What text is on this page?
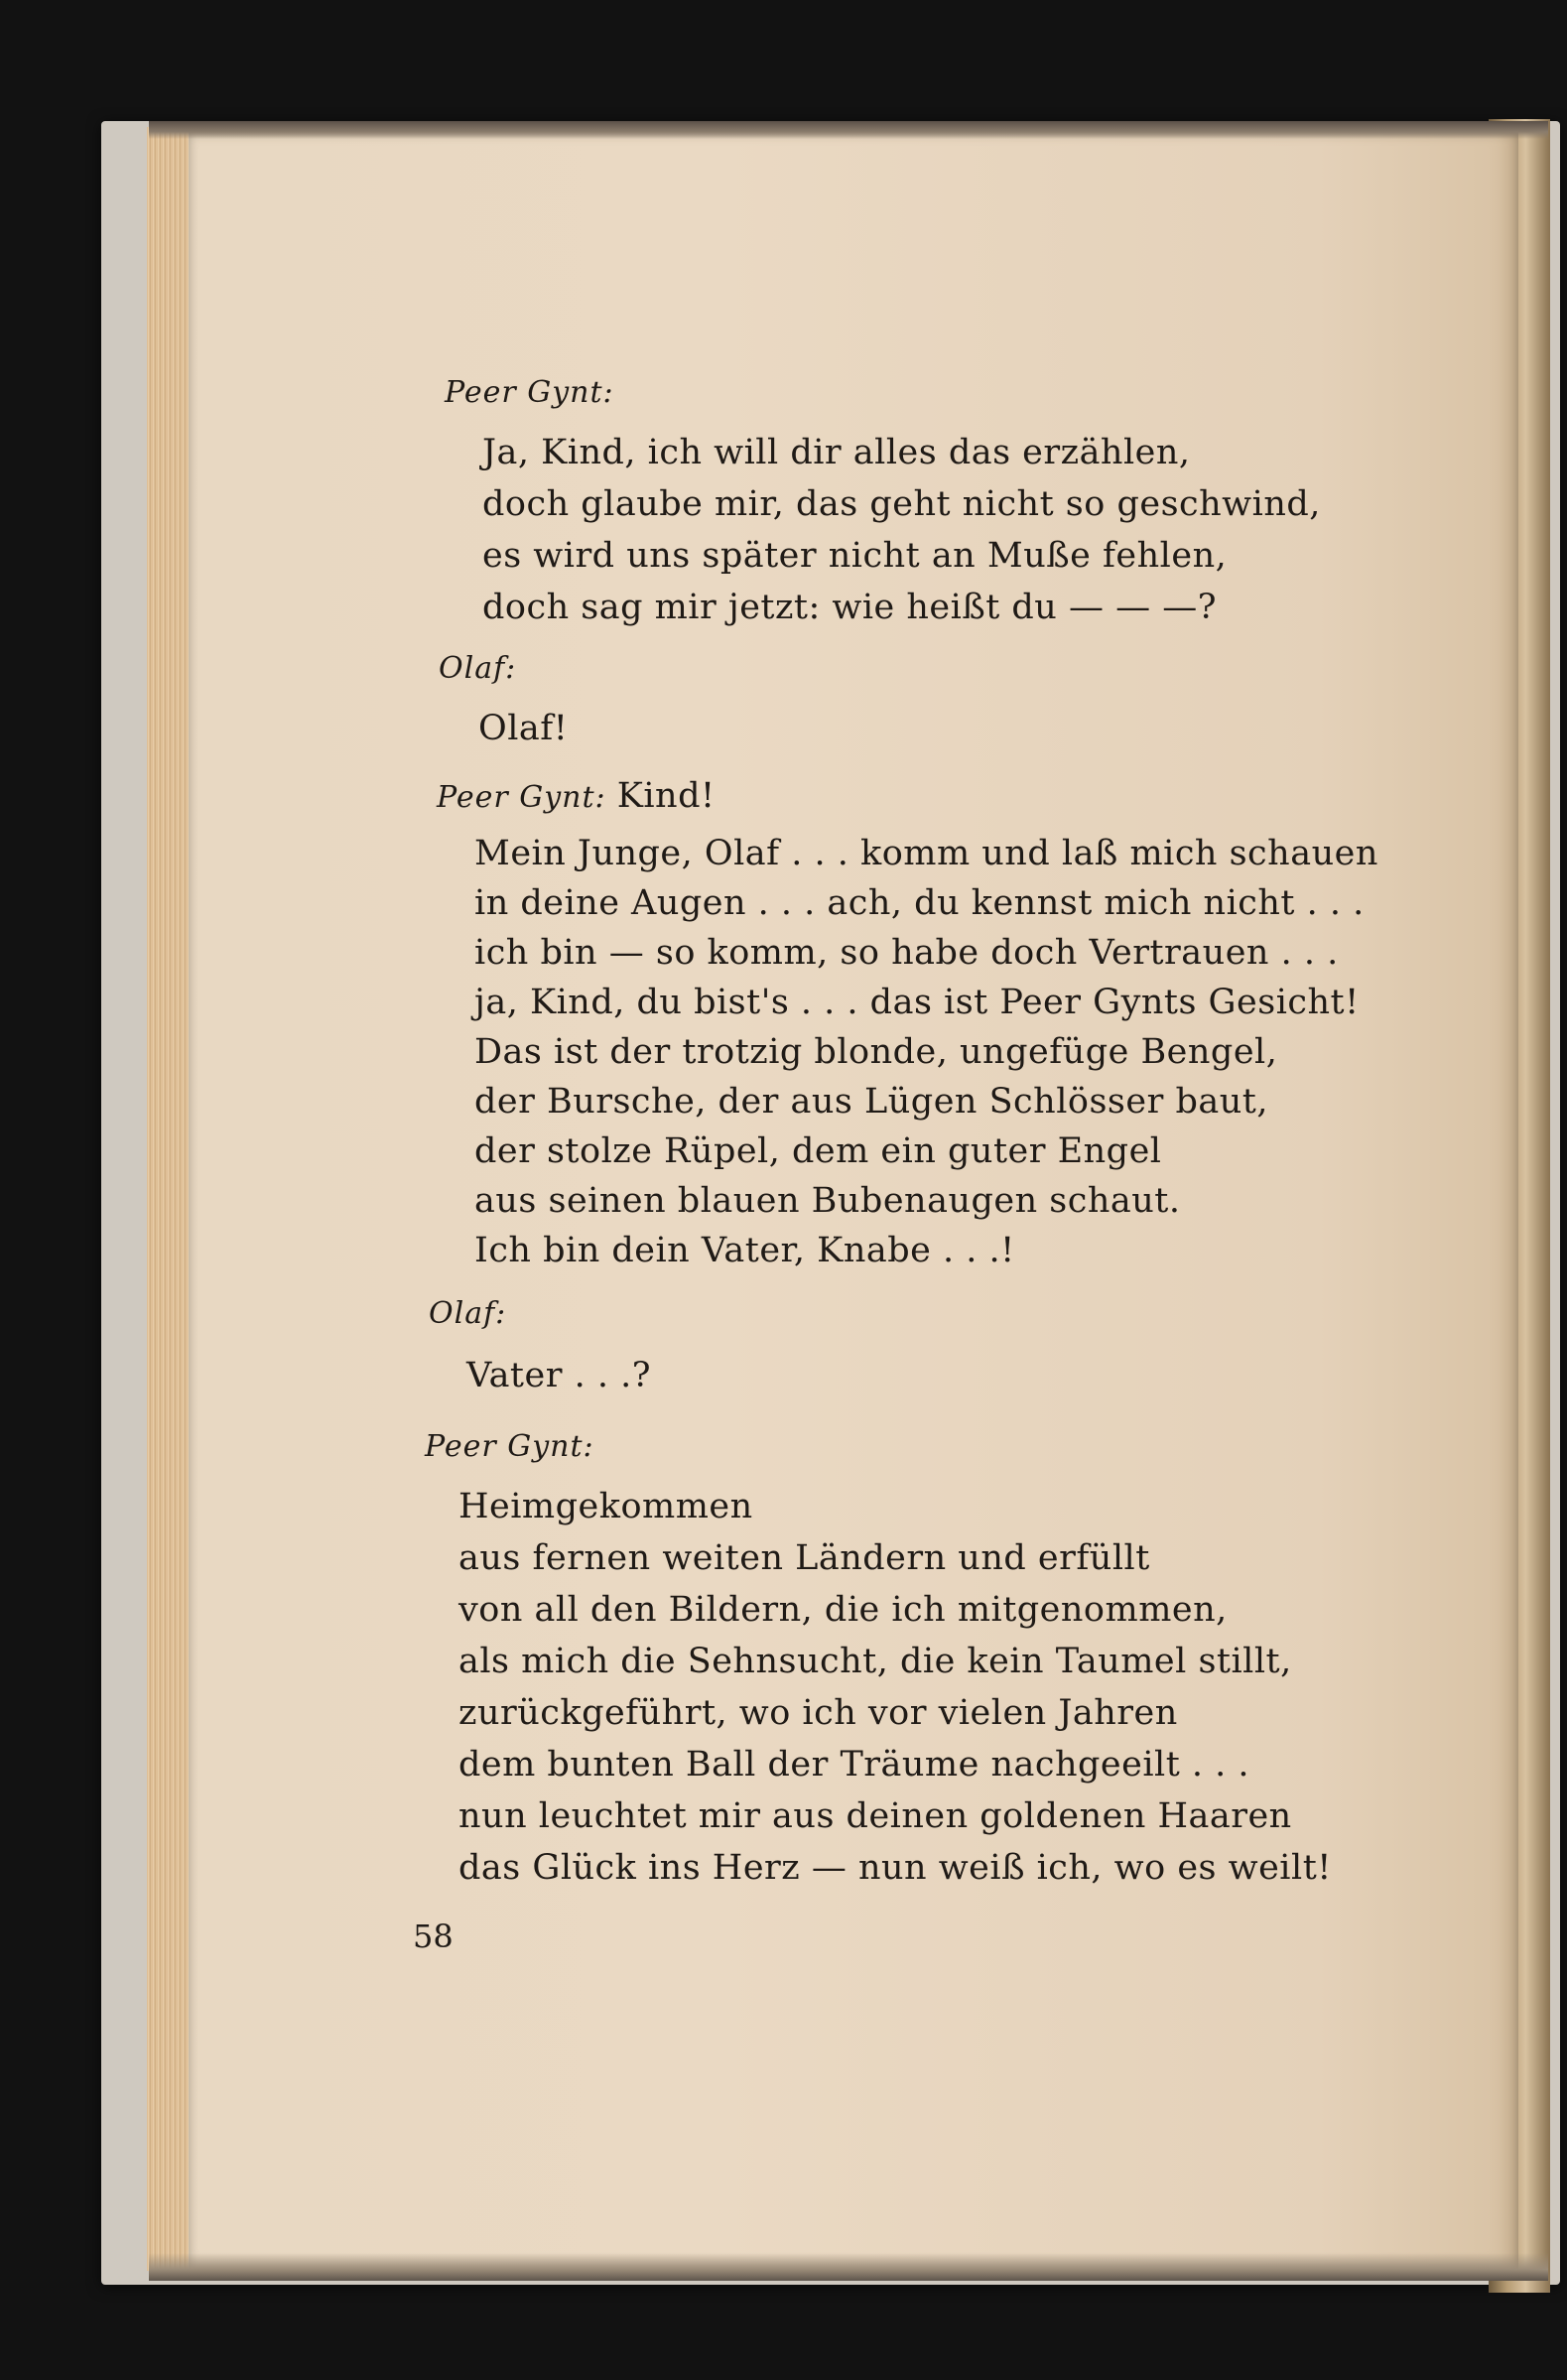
Peer Gynt:
Ja, Kind, ich will dir alles das erzählen,
doch glaube mir, das geht nicht so geschwind,
es wird uns später nicht an Muße fehlen,
doch sag mir jetzt: wie heißt du — — —?
Olaf:
Olaf!
Peer Gynt: Kind!
Mein Junge, Olaf . . . komm und laß mich schauen
in deine Augen . . . ach, du kennst mich nicht . . .
ich bin — so komm, so habe doch Vertrauen . . .
ja, Kind, du bist's . . . das ist Peer Gynts Gesicht!
Das ist der trotzig blonde, ungefüge Bengel,
der Bursche, der aus Lügen Schlösser baut,
der stolze Rüpel, dem ein guter Engel
aus seinen blauen Bubenaugen schaut.
Ich bin dein Vater, Knabe . . .!
Olaf:
Vater . . .?
Peer Gynt:
Heimgekommen
aus fernen weiten Ländern und erfüllt
von all den Bildern, die ich mitgenommen,
als mich die Sehnsucht, die kein Taumel stillt,
zurückgeführt, wo ich vor vielen Jahren
dem bunten Ball der Träume nachgeeilt . . .
nun leuchtet mir aus deinen goldenen Haaren
das Glück ins Herz — nun weiß ich, wo es weilt!
58
